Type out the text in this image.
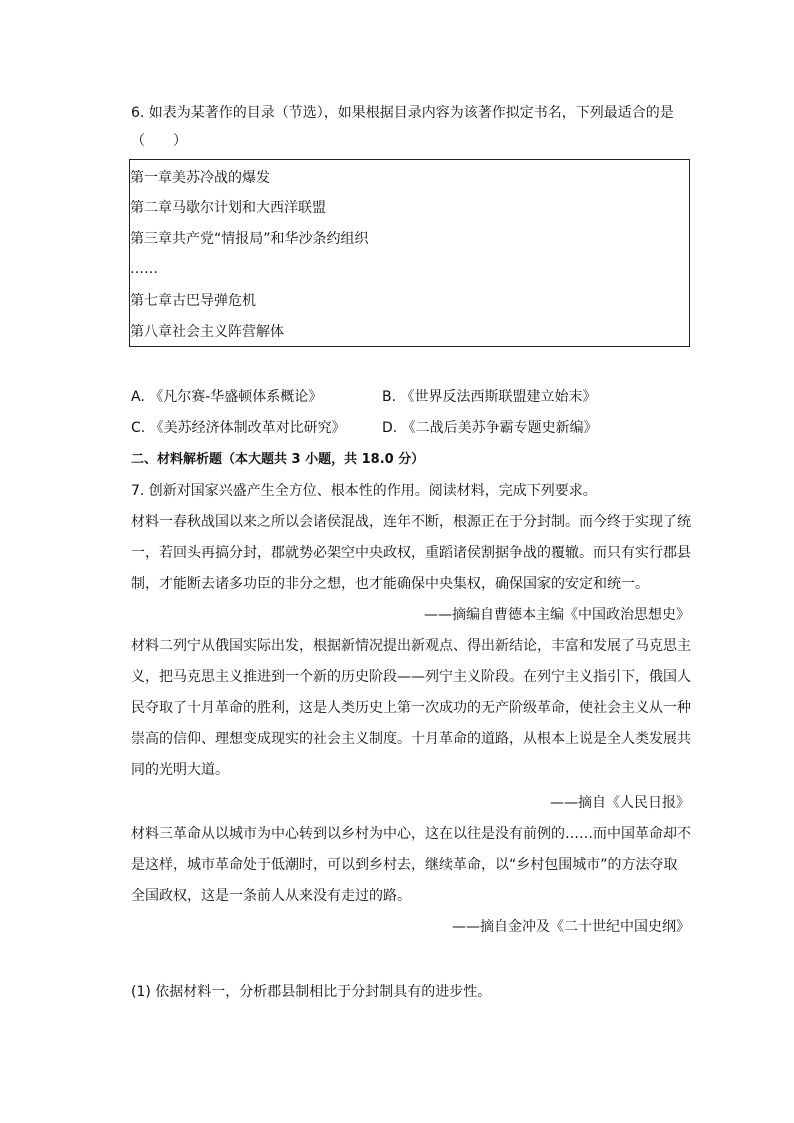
6. 如表为某著作的目录（节选），如果根据目录内容为该著作拟定书名，下列最适合的是
（　　）
第一章美苏冷战的爆发
第二章马歇尔计划和大西洋联盟
第三章共产党“情报局”和华沙条约组织
……
第七章古巴导弹危机
第八章社会主义阵营解体
A. 《凡尔赛-华盛顿体系概论》	B. 《世界反法西斯联盟建立始末》
C. 《美苏经济体制改革对比研究》	D. 《二战后美苏争霸专题史新编》
二、材料解析题（本大题共 3 小题，共 18.0 分）
7. 创新对国家兴盛产生全方位、根本性的作用。阅读材料，完成下列要求。
材料一春秋战国以来之所以会诸侯混战，连年不断，根源正在于分封制。而今终于实现了统
一，若回头再搞分封，郡就势必架空中央政权，重蹈诸侯割据争战的覆辙。而只有实行郡县
制，才能断去诸多功臣的非分之想，也才能确保中央集权，确保国家的安定和统一。
——摘编自曹德本主编《中国政治思想史》
材料二列宁从俄国实际出发，根据新情况提出新观点、得出新结论，丰富和发展了马克思主
义，把马克思主义推进到一个新的历史阶段——列宁主义阶段。在列宁主义指引下，俄国人
民夺取了十月革命的胜利，这是人类历史上第一次成功的无产阶级革命，使社会主义从一种
崇高的信仰、理想变成现实的社会主义制度。十月革命的道路，从根本上说是全人类发展共
同的光明大道。
——摘自《人民日报》
材料三革命从以城市为中心转到以乡村为中心，这在以往是没有前例的……而中国革命却不
是这样，城市革命处于低潮时，可以到乡村去，继续革命，以“乡村包围城市”的方法夺取
全国政权，这是一条前人从来没有走过的路。
——摘自金冲及《二十世纪中国史纲》
(1) 依据材料一，分析郡县制相比于分封制具有的进步性。
